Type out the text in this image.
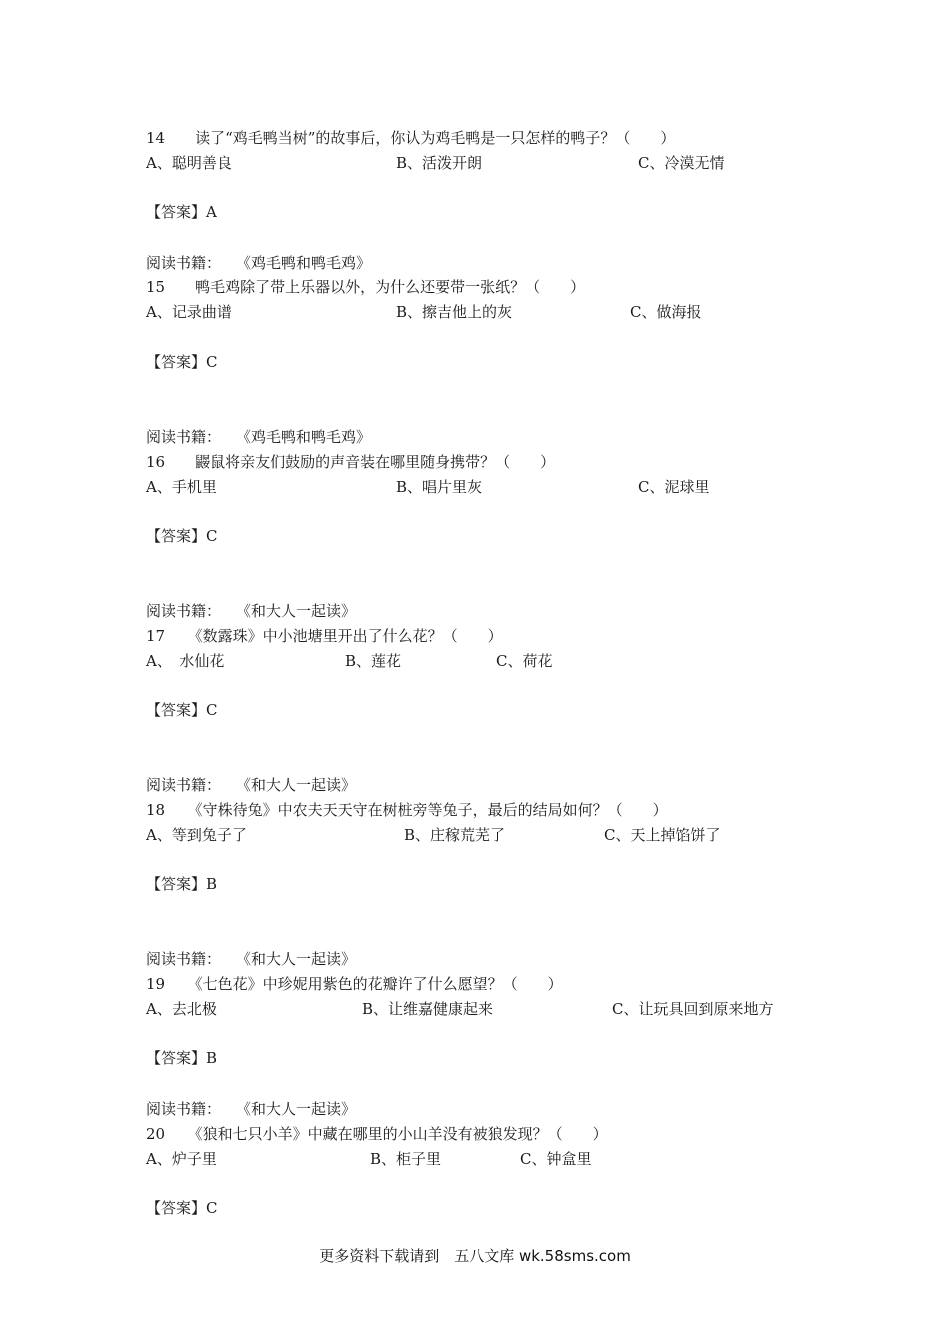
14　　读了“鸡毛鸭当树”的故事后，你认为鸡毛鸭是一只怎样的鸭子？（　　）
A、聪明善良	B、活泼开朗	C、冷漠无情
【答案】A
阅读书籍：　　《鸡毛鸭和鸭毛鸡》
15　　鸭毛鸡除了带上乐器以外，为什么还要带一张纸？（　　）
A、记录曲谱	B、擦吉他上的灰	C、做海报
【答案】C
阅读书籍：　　《鸡毛鸭和鸭毛鸡》
16　　鼹鼠将亲友们鼓励的声音装在哪里随身携带？（　　）
A、手机里	B、唱片里灰	C、泥球里
【答案】C
阅读书籍：　　《和大人一起读》
17　　《数露珠》中小池塘里开出了什么花？（　　）
A、　水仙花	B、莲花	C、荷花
【答案】C
阅读书籍：　　《和大人一起读》
18　　《守株待兔》中农夫天天守在树桩旁等兔子，最后的结局如何？（　　）
A、等到兔子了	B、庄稼荒芜了	C、天上掉馅饼了
【答案】B
阅读书籍：　　《和大人一起读》
19　　《七色花》中珍妮用紫色的花瓣许了什么愿望？（　　）
A、去北极	B、让维嘉健康起来	C、让玩具回到原来地方
【答案】B
阅读书籍：　　《和大人一起读》
20　　《狼和七只小羊》中藏在哪里的小山羊没有被狼发现？（　　）
A、炉子里	B、柜子里	C、钟盒里
【答案】C
更多资料下载请到　五八文库 wk.58sms.com
